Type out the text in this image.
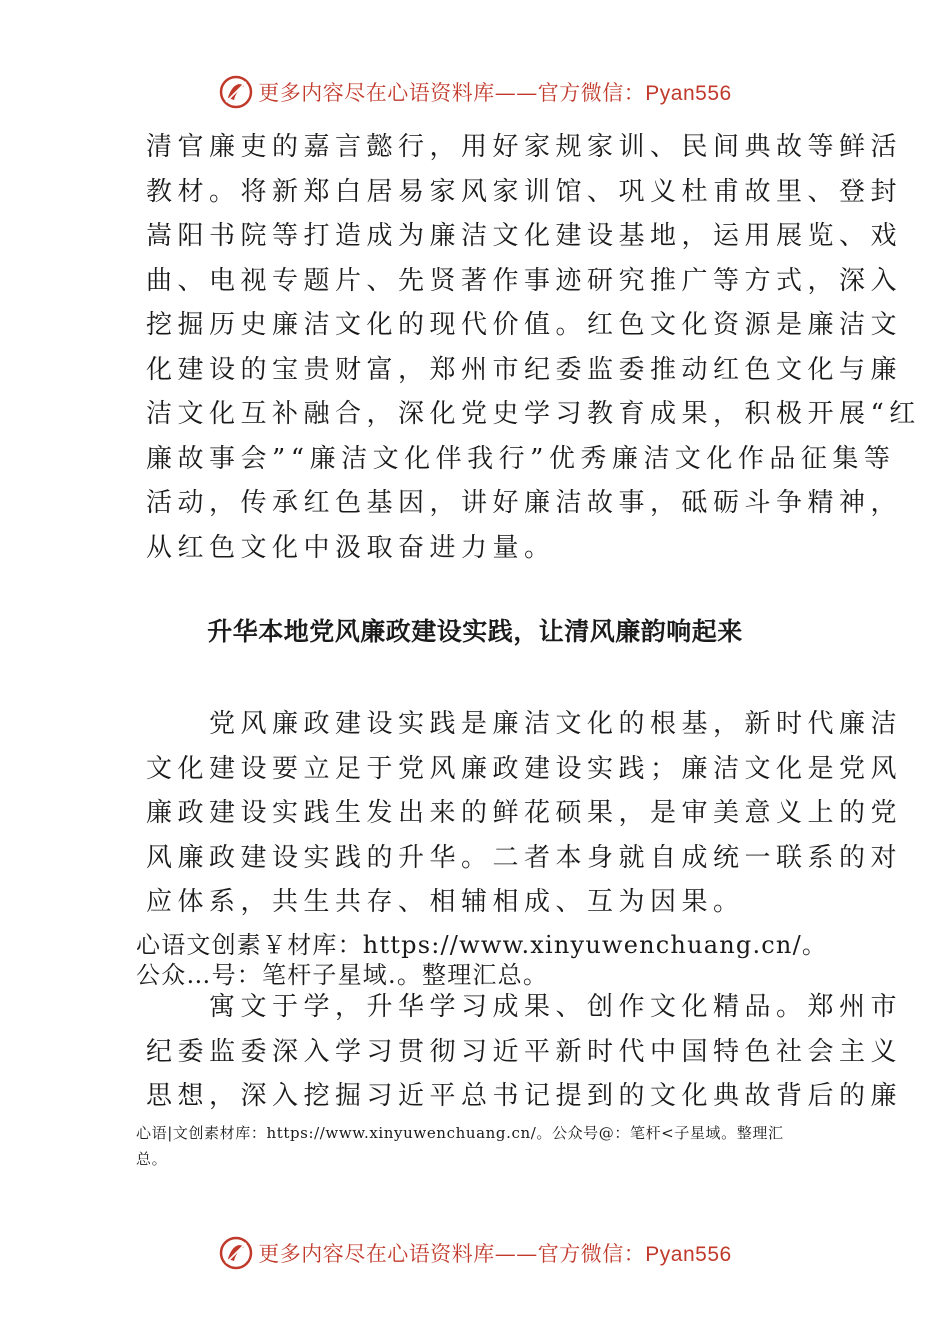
更多内容尽在心语资料库——官方微信：Pyan556
清官廉吏的嘉言懿行，用好家规家训、民间典故等鲜活
教材。将新郑白居易家风家训馆、巩义杜甫故里、登封
嵩阳书院等打造成为廉洁文化建设基地，运用展览、戏
曲、电视专题片、先贤著作事迹研究推广等方式，深入
挖掘历史廉洁文化的现代价值。红色文化资源是廉洁文
化建设的宝贵财富，郑州市纪委监委推动红色文化与廉
洁文化互补融合，深化党史学习教育成果，积极开展“红
廉故事会”“廉洁文化伴我行”优秀廉洁文化作品征集等
活动，传承红色基因，讲好廉洁故事，砥砺斗争精神，
从红色文化中汲取奋进力量。
升华本地党风廉政建设实践，让清风廉韵响起来
　　党风廉政建设实践是廉洁文化的根基，新时代廉洁
文化建设要立足于党风廉政建设实践；廉洁文化是党风
廉政建设实践生发出来的鲜花硕果，是审美意义上的党
风廉政建设实践的升华。二者本身就自成统一联系的对
应体系，共生共存、相辅相成、互为因果。
心语文创素￥材库：https://www.xinyuwenchuang.cn/。
公众…号：笔杆子星域.。整理汇总。
　　寓文于学，升华学习成果、创作文化精品。郑州市
纪委监委深入学习贯彻习近平新时代中国特色社会主义
思想，深入挖掘习近平总书记提到的文化典故背后的廉
心语|文创素材库：https://www.xinyuwenchuang.cn/。公众号@：笔杆<子星域。整理汇
总。
更多内容尽在心语资料库——官方微信：Pyan556
